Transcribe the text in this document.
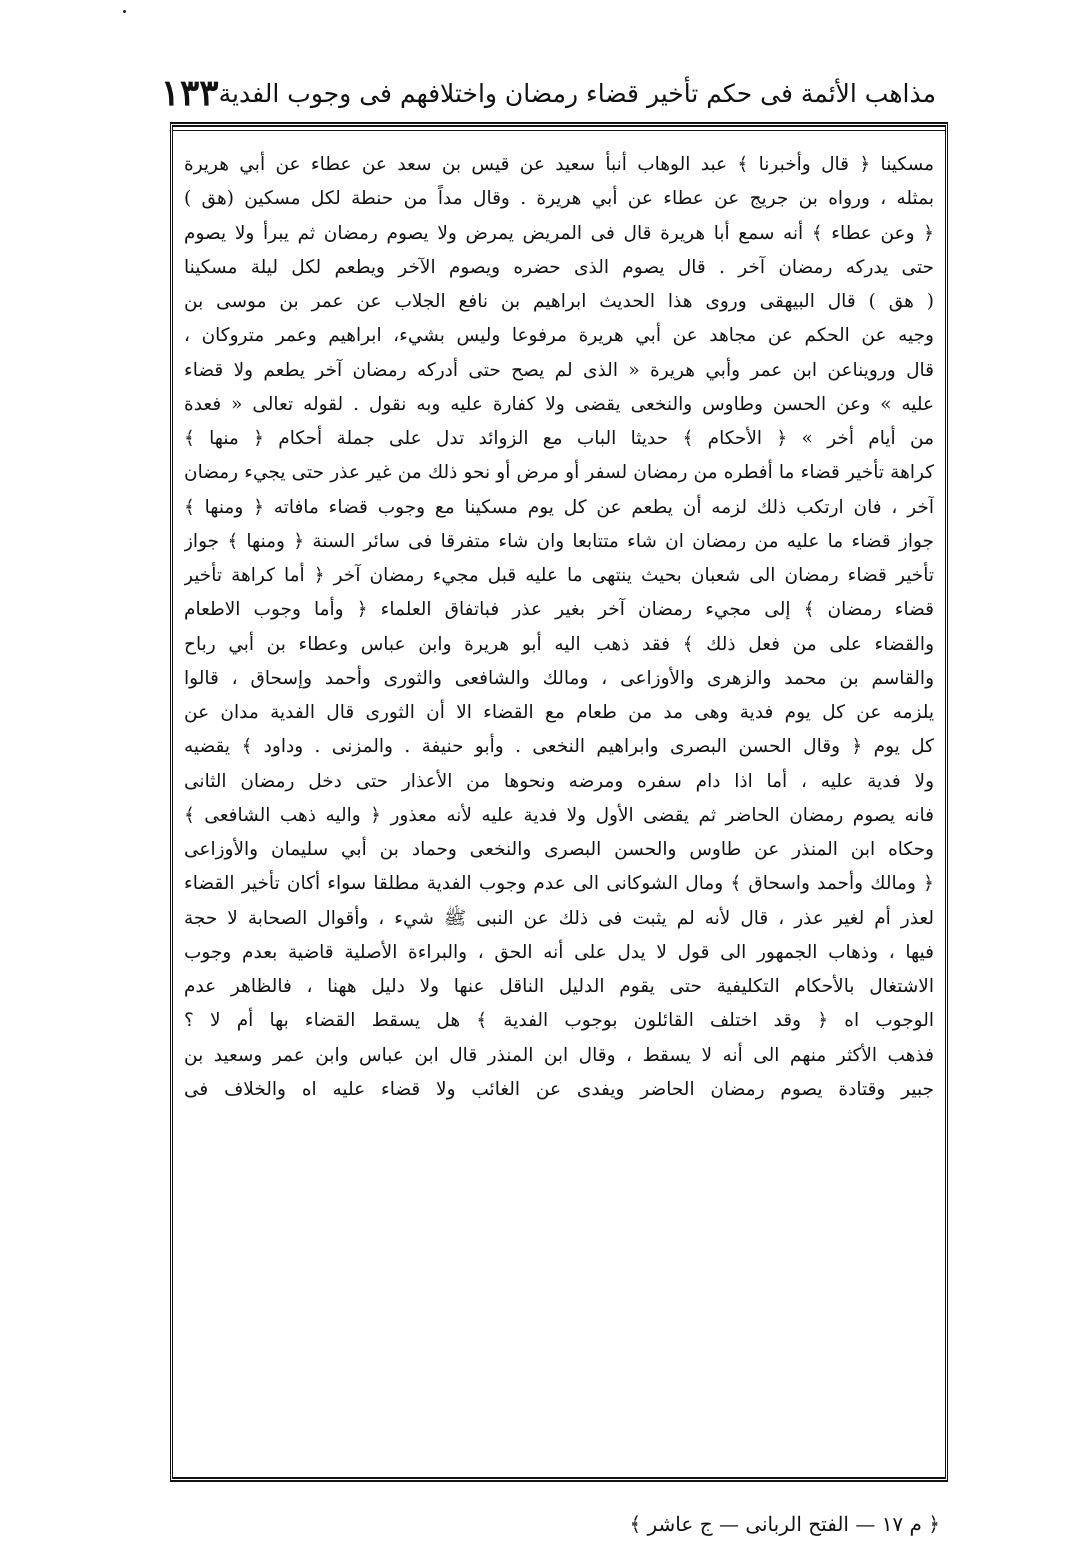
مذاهب الأئمة فى حكم تأخير قضاء رمضان واختلافهم فى وجوب الفدية
١٣٣
مسكينا ﴿ قال وأخبرنا ﴾ عبد الوهاب أنبأ سعيد عن قيس بن سعد عن عطاء عن أبي هريرة
بمثله ، ورواه بن جريج عن عطاء عن أبي هريرة . وقال مداً من حنطة لكل مسكين (هق )
﴿ وعن عطاء ﴾ أنه سمع أبا هريرة قال فى المريض يمرض ولا يصوم رمضان ثم يبرأ ولا يصوم
حتى يدركه رمضان آخر . قال يصوم الذى حضره ويصوم الآخر ويطعم لكل ليلة مسكينا
( هق ) قال البيهقى وروى هذا الحديث ابراهيم بن نافع الجلاب عن عمر بن موسى بن
وجيه عن الحكم عن مجاهد عن أبي هريرة مرفوعا وليس بشيء، ابراهيم وعمر متروكان ،
قال ورويناعن ابن عمر وأبي هريرة « الذى لم يصح حتى أدركه رمضان آخر يطعم ولا قضاء
عليه » وعن الحسن وطاوس والنخعى يقضى ولا كفارة عليه وبه نقول . لقوله تعالى « فعدة
من أيام أخر » ﴿ الأحكام ﴾ حديثا الباب مع الزوائد تدل على جملة أحكام ﴿ منها ﴾
كراهة تأخير قضاء ما أفطره من رمضان لسفر أو مرض أو نحو ذلك من غير عذر حتى يجيء رمضان
آخر ، فان ارتكب ذلك لزمه أن يطعم عن كل يوم مسكينا مع وجوب قضاء مافاته ﴿ ومنها ﴾
جواز قضاء ما عليه من رمضان ان شاء متتابعا وان شاء متفرقا فى سائر السنة ﴿ ومنها ﴾ جواز
تأخير قضاء رمضان الى شعبان بحيث ينتهى ما عليه قبل مجيء رمضان آخر ﴿ أما كراهة تأخير
قضاء رمضان ﴾ إلى مجيء رمضان آخر بغير عذر فباتفاق العلماء ﴿ وأما وجوب الاطعام
والقضاء على من فعل ذلك ﴾ فقد ذهب اليه أبو هريرة وابن عباس وعطاء بن أبي رباح
والقاسم بن محمد والزهرى والأوزاعى ، ومالك والشافعى والثورى وأحمد وإسحاق ، قالوا
يلزمه عن كل يوم فدية وهى مد من طعام مع القضاء الا أن الثورى قال الفدية مدان عن
كل يوم ﴿ وقال الحسن البصرى وابراهيم النخعى . وأبو حنيفة . والمزنى . وداود ﴾ يقضيه
ولا فدية عليه ، أما اذا دام سفره ومرضه ونحوها من الأعذار حتى دخل رمضان الثانى
فانه يصوم رمضان الحاضر ثم يقضى الأول ولا فدية عليه لأنه معذور ﴿ واليه ذهب الشافعى ﴾
وحكاه ابن المنذر عن طاوس والحسن البصرى والنخعى وحماد بن أبي سليمان والأوزاعى
﴿ ومالك وأحمد واسحاق ﴾ ومال الشوكانى الى عدم وجوب الفدية مطلقا سواء أكان تأخير القضاء
لعذر أم لغير عذر ، قال لأنه لم يثبت فى ذلك عن النبى ﷺ شيء ، وأقوال الصحابة لا حجة
فيها ، وذهاب الجمهور الى قول لا يدل على أنه الحق ، والبراءة الأصلية قاضية بعدم وجوب
الاشتغال بالأحكام التكليفية حتى يقوم الدليل الناقل عنها ولا دليل ههنا ، فالظاهر عدم
الوجوب اه ﴿ وقد اختلف القائلون بوجوب الفدية ﴾ هل يسقط القضاء بها أم لا ؟
فذهب الأكثر منهم الى أنه لا يسقط ، وقال ابن المنذر قال ابن عباس وابن عمر وسعيد بن
جبير وقتادة يصوم رمضان الحاضر ويفدى عن الغائب ولا قضاء عليه اه والخلاف فى
﴿ م ١٧ — الفتح الربانى — ج عاشر ﴾
